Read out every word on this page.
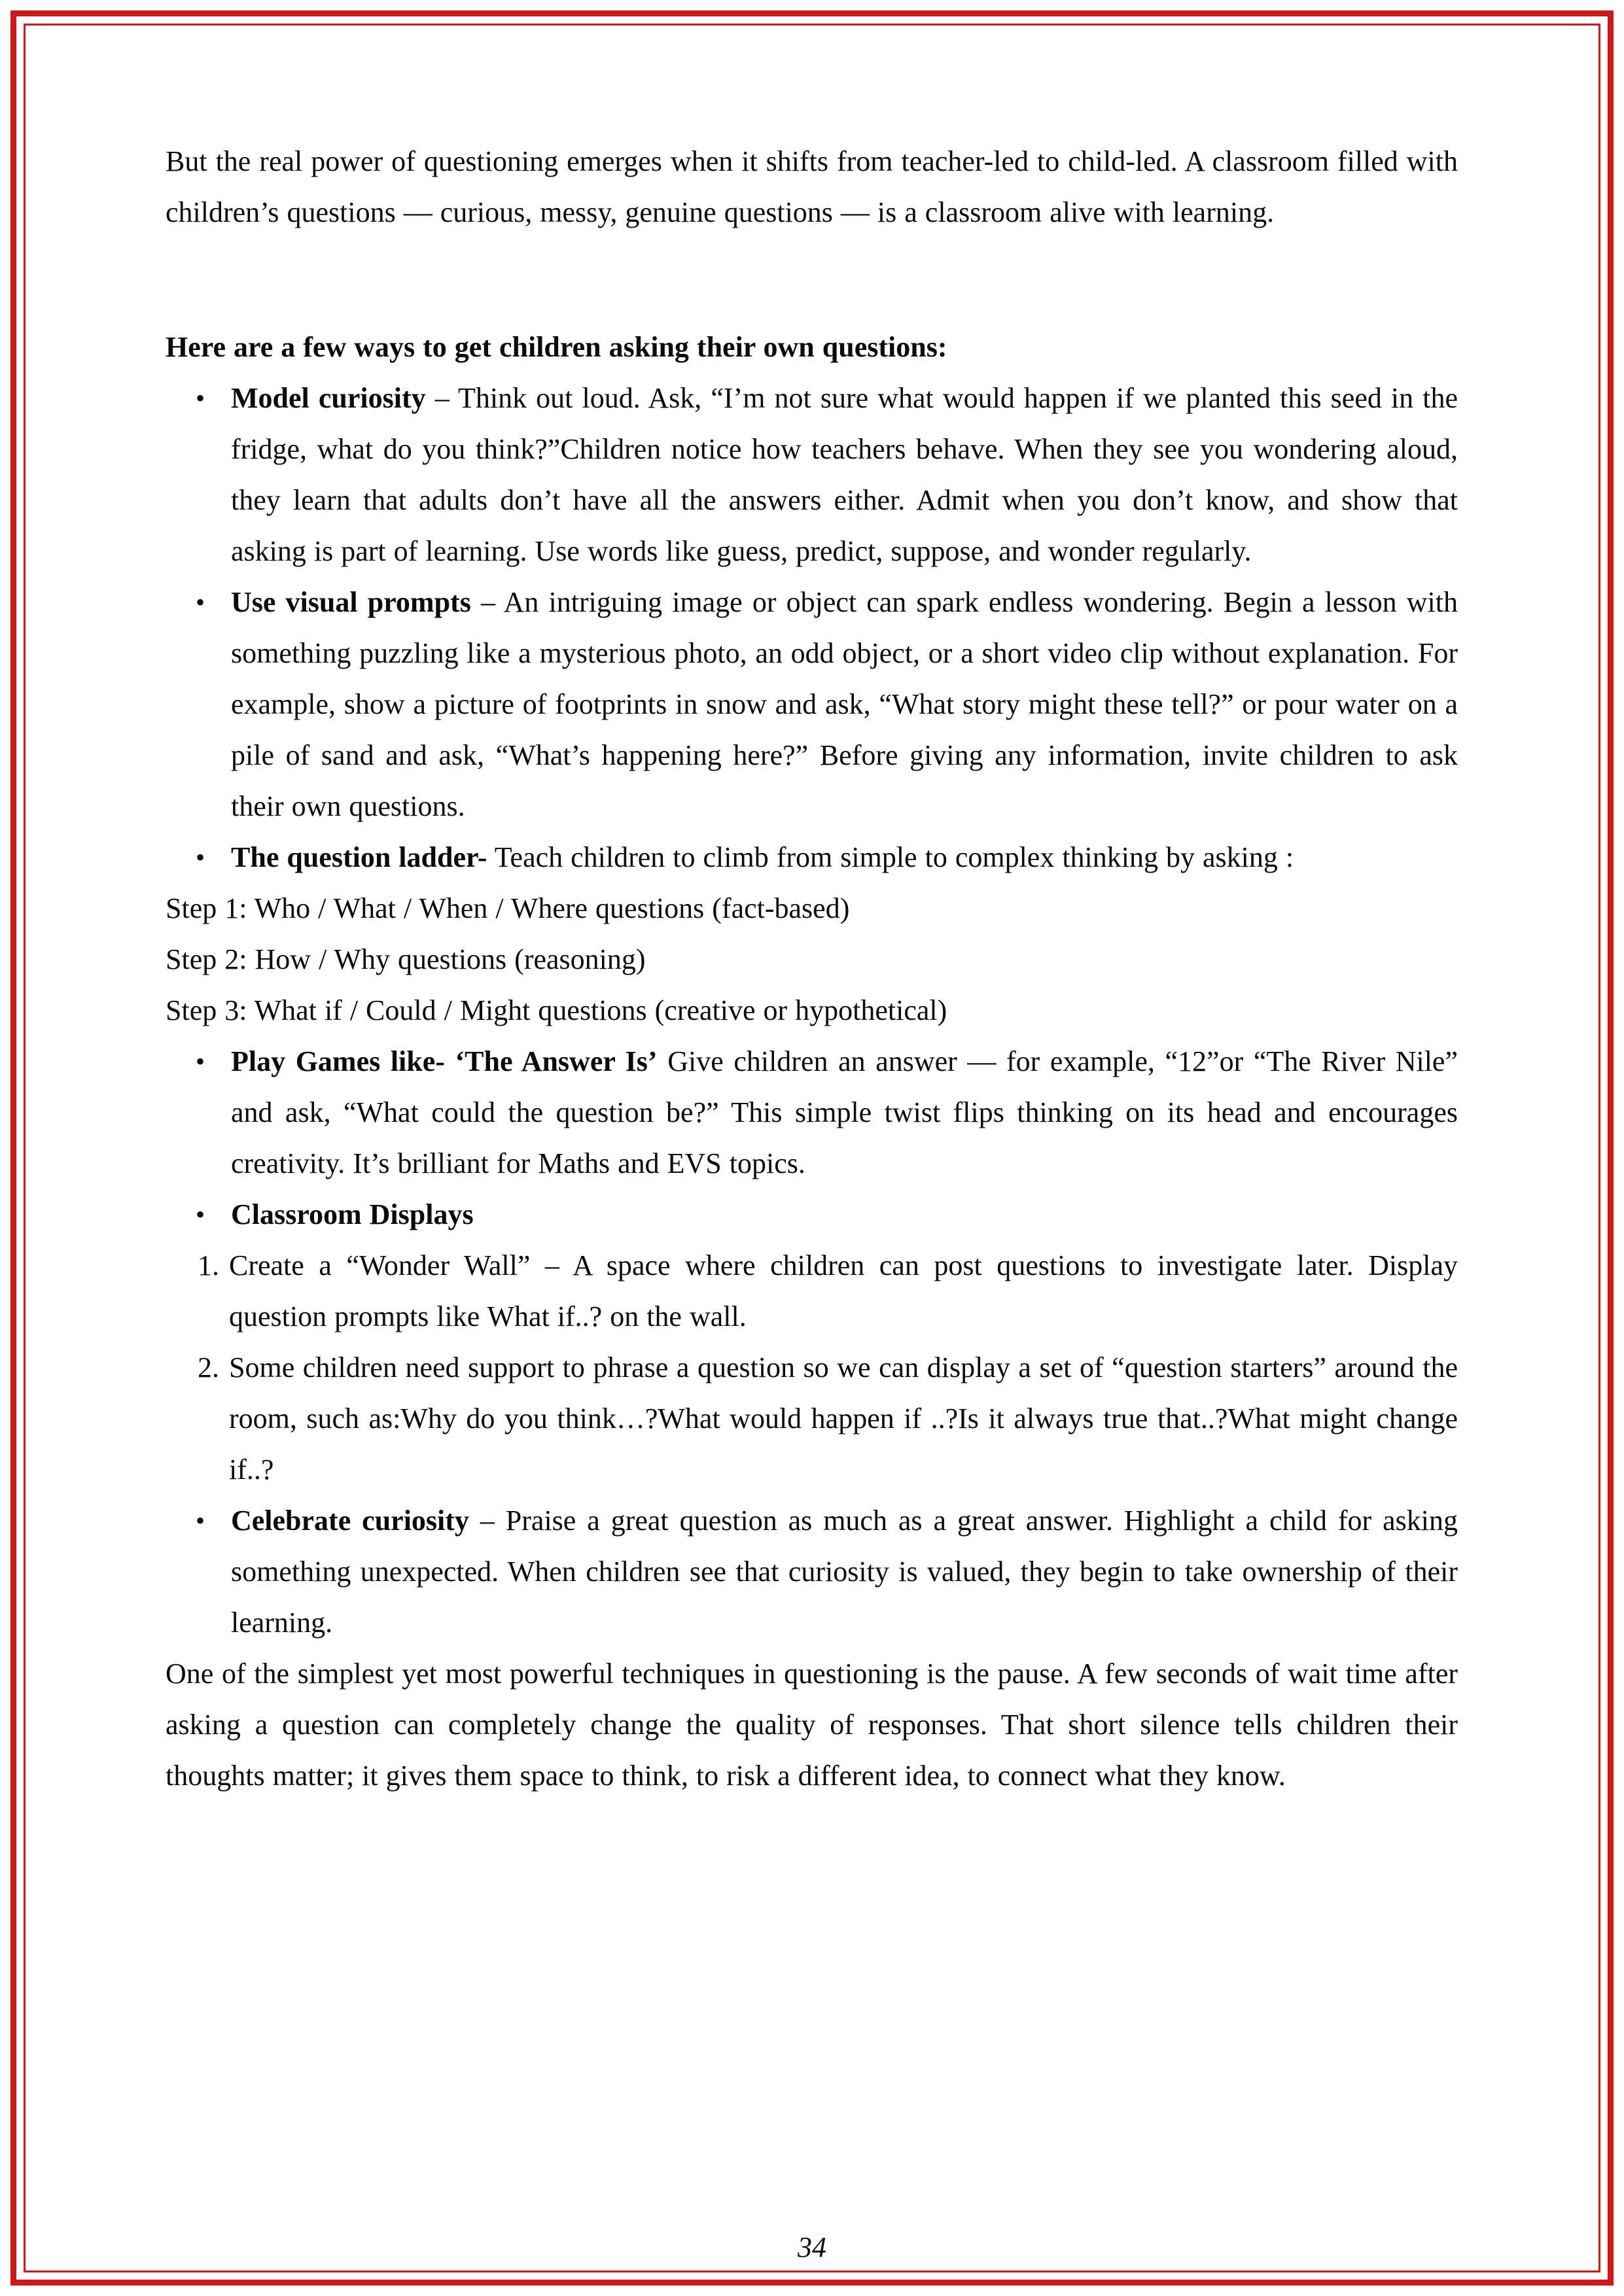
But the real power of questioning emerges when it shifts from teacher-led to child-led. A classroom filled with children’s questions — curious, messy, genuine questions — is a classroom alive with learning.

Here are a few ways to get children asking their own questions:
• Model curiosity – Think out loud. Ask, “I’m not sure what would happen if we planted this seed in the fridge, what do you think?”Children notice how teachers behave. When they see you wondering aloud, they learn that adults don’t have all the answers either. Admit when you don’t know, and show that asking is part of learning. Use words like guess, predict, suppose, and wonder regularly.
• Use visual prompts – An intriguing image or object can spark endless wondering. Begin a lesson with something puzzling like a mysterious photo, an odd object, or a short video clip without explanation. For example, show a picture of footprints in snow and ask, “What story might these tell?” or pour water on a pile of sand and ask, “What’s happening here?” Before giving any information, invite children to ask their own questions.
• The question ladder- Teach children to climb from simple to complex thinking by asking :

Step 1: Who / What / When / Where questions (fact-based)

Step 2: How / Why questions (reasoning)

Step 3: What if / Could / Might questions (creative or hypothetical)

• Play Games like- ‘The Answer Is’ Give children an answer — for example, “12”or “The River Nile” and ask, “What could the question be?” This simple twist flips thinking on its head and encourages creativity. It’s brilliant for Maths and EVS topics.
• Classroom Displays
1. Create a “Wonder Wall” – A space where children can post questions to investigate later. Display question prompts like What if..? on the wall.
2. Some children need support to phrase a question so we can display a set of “question starters” around the room, such as:Why do you think…?What would happen if ..?Is it always true that..?What might change if..?
• Celebrate curiosity – Praise a great question as much as a great answer. Highlight a child for asking something unexpected. When children see that curiosity is valued, they begin to take ownership of their learning.

One of the simplest yet most powerful techniques in questioning is the pause. A few seconds of wait time after asking a question can completely change the quality of responses. That short silence tells children their thoughts matter; it gives them space to think, to risk a different idea, to connect what they know.

34
